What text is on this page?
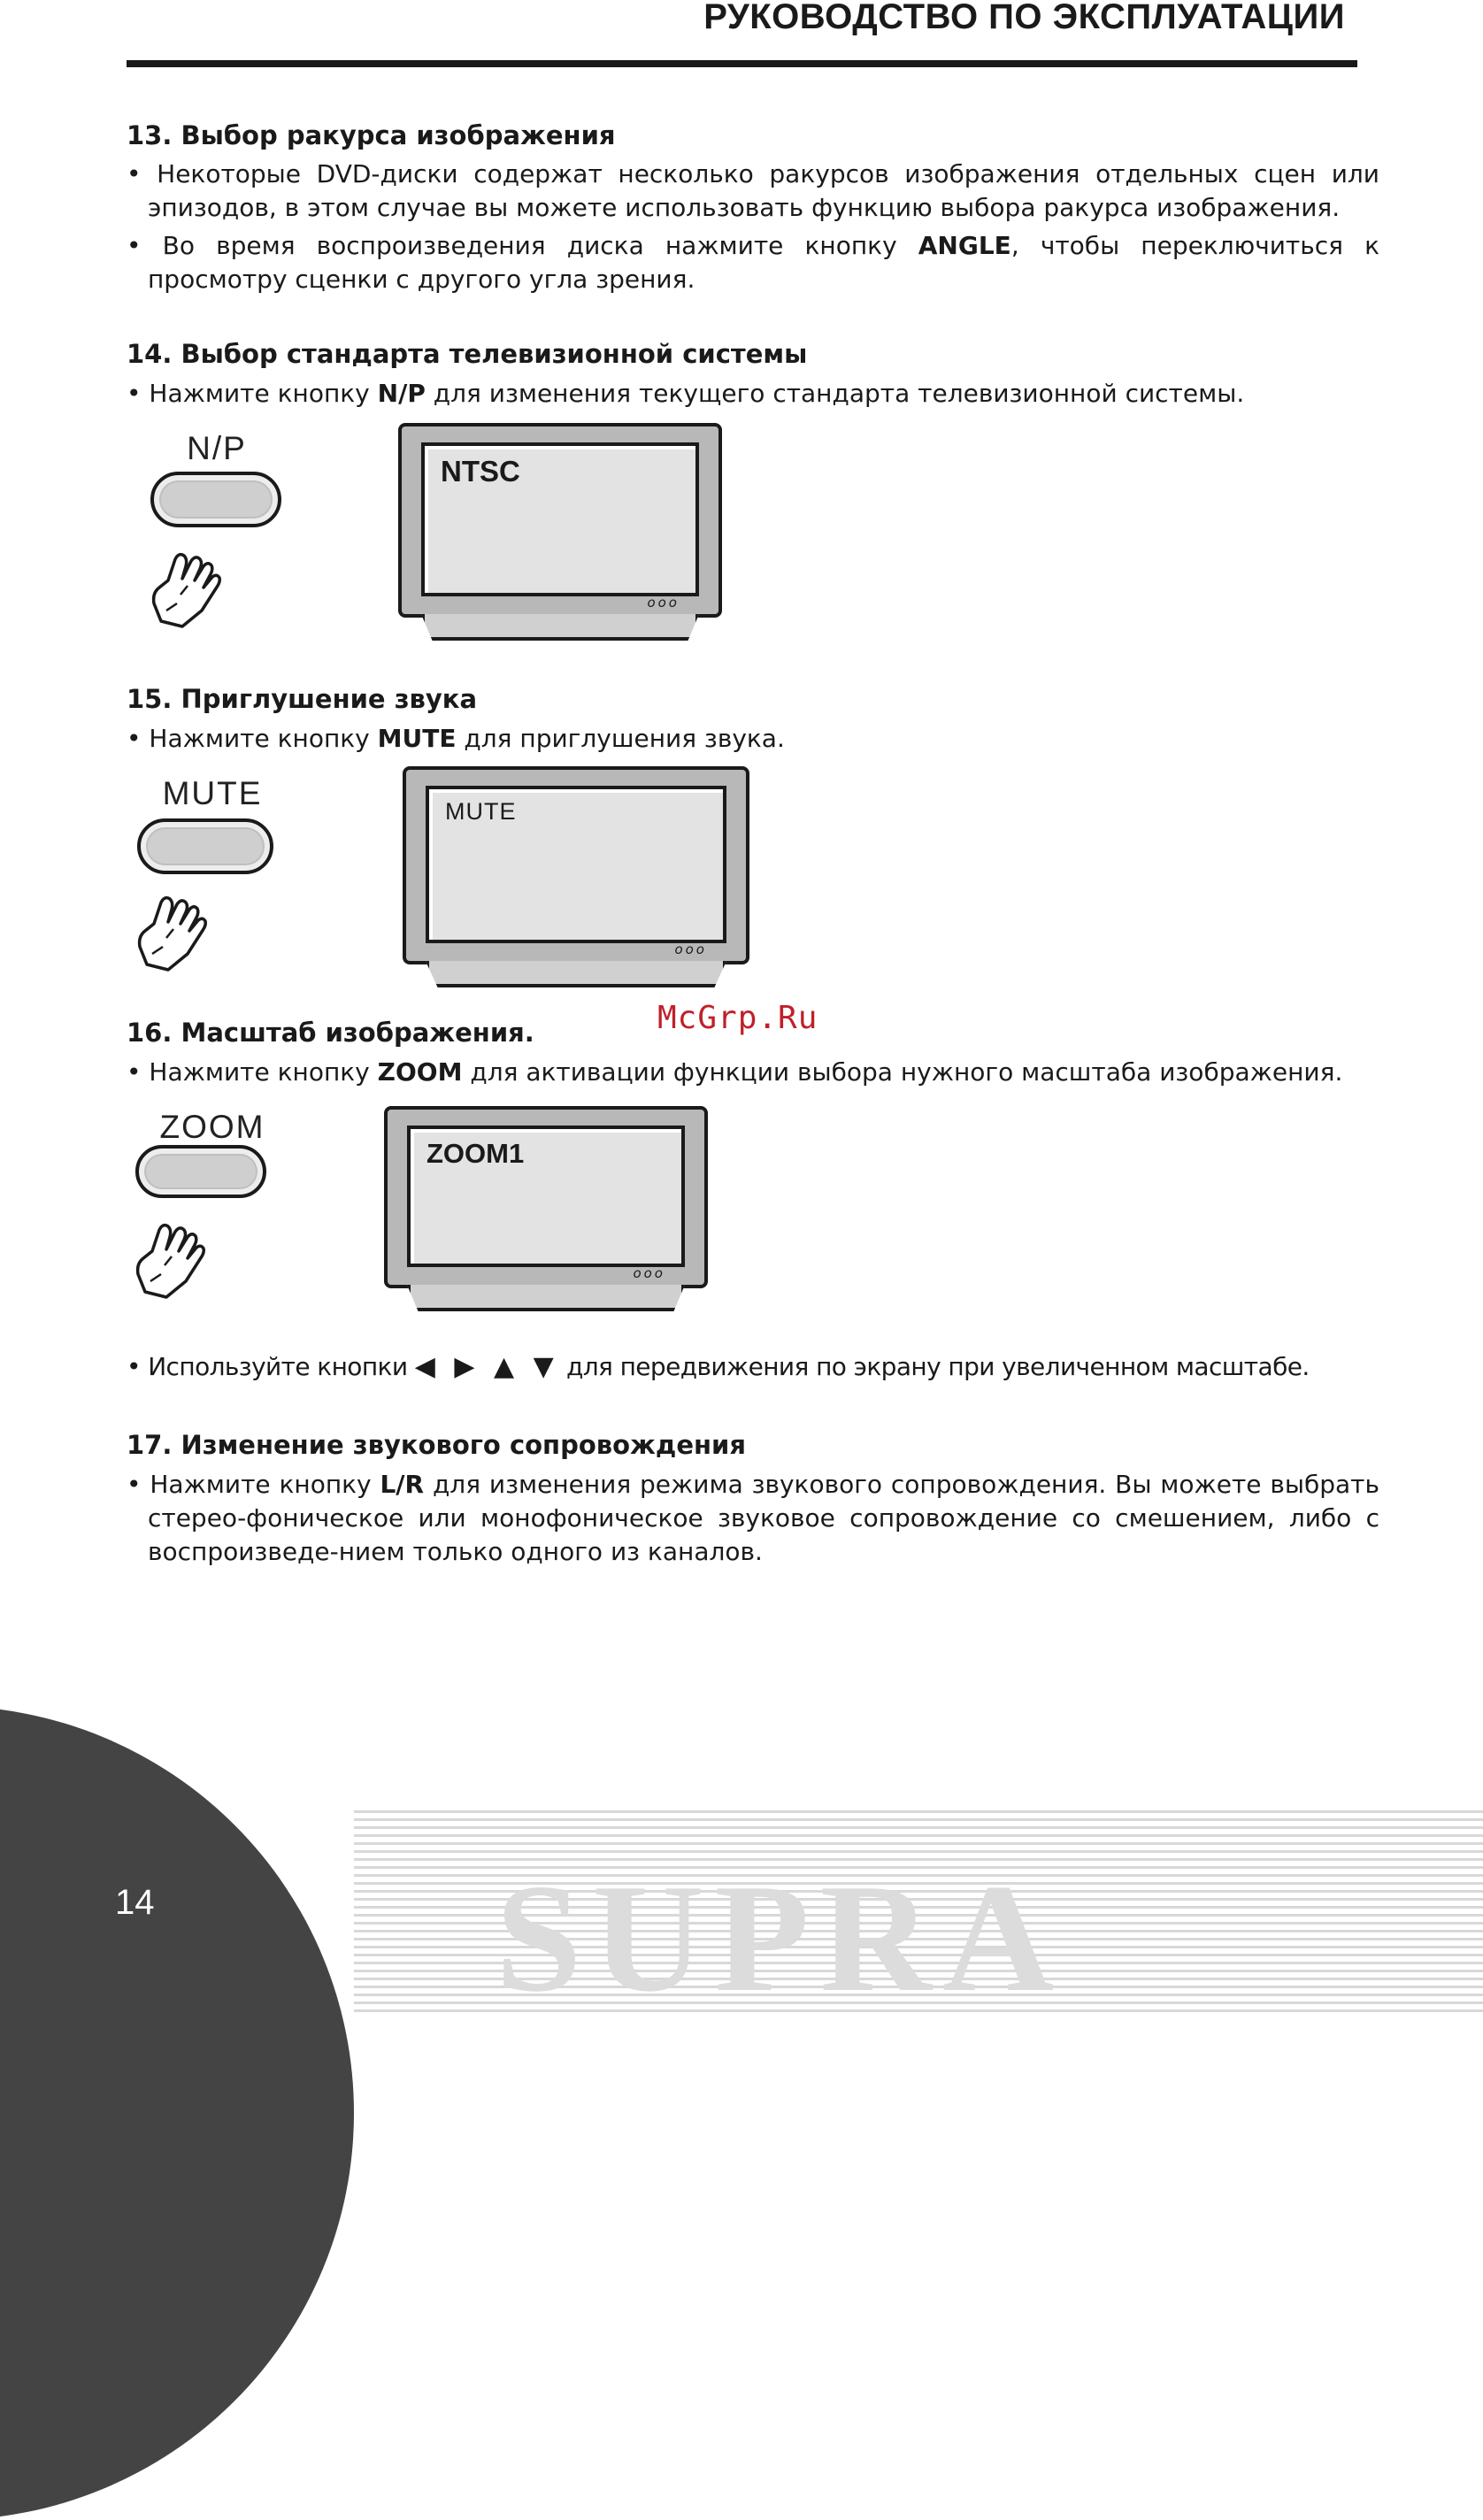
РУКОВОДСТВО ПО ЭКСПЛУАТАЦИИ
13. Выбор ракурса изображения

• Некоторые DVD-диски содержат несколько ракурсов изображения отдельных сцен или эпизодов, в этом случае вы можете использовать функцию выбора ракурса изображения.

• Во время воспроизведения диска нажмите кнопку ANGLE, чтобы переключиться к просмотру сценки с другого угла зрения.

14. Выбор стандарта телевизионной системы

• Нажмите кнопку N/P для изменения текущего стандарта телевизионной системы.

N/P
NTSC
ooo
15. Приглушение звука

• Нажмите кнопку MUTE для приглушения звука.

MUTE	MUTE
ooo
McGrp.Ru
16. Масштаб изображения.

• Нажмите кнопку ZOOM для активации функции выбора нужного масштаба изображения.

ZOOM
ZOOM1
ooo

• Используйте кнопки ◀ ▶ ▲ ▼ для передвижения по экрану при увеличенном масштабе.

17. Изменение звукового сопровождения

• Нажмите кнопку L/R для изменения режима звукового сопровождения. Вы можете выбрать стерео-фоническое или монофоническое звуковое сопровождение со смешением, либо с воспроизведе-нием только одного из каналов.

SUPRA
14
